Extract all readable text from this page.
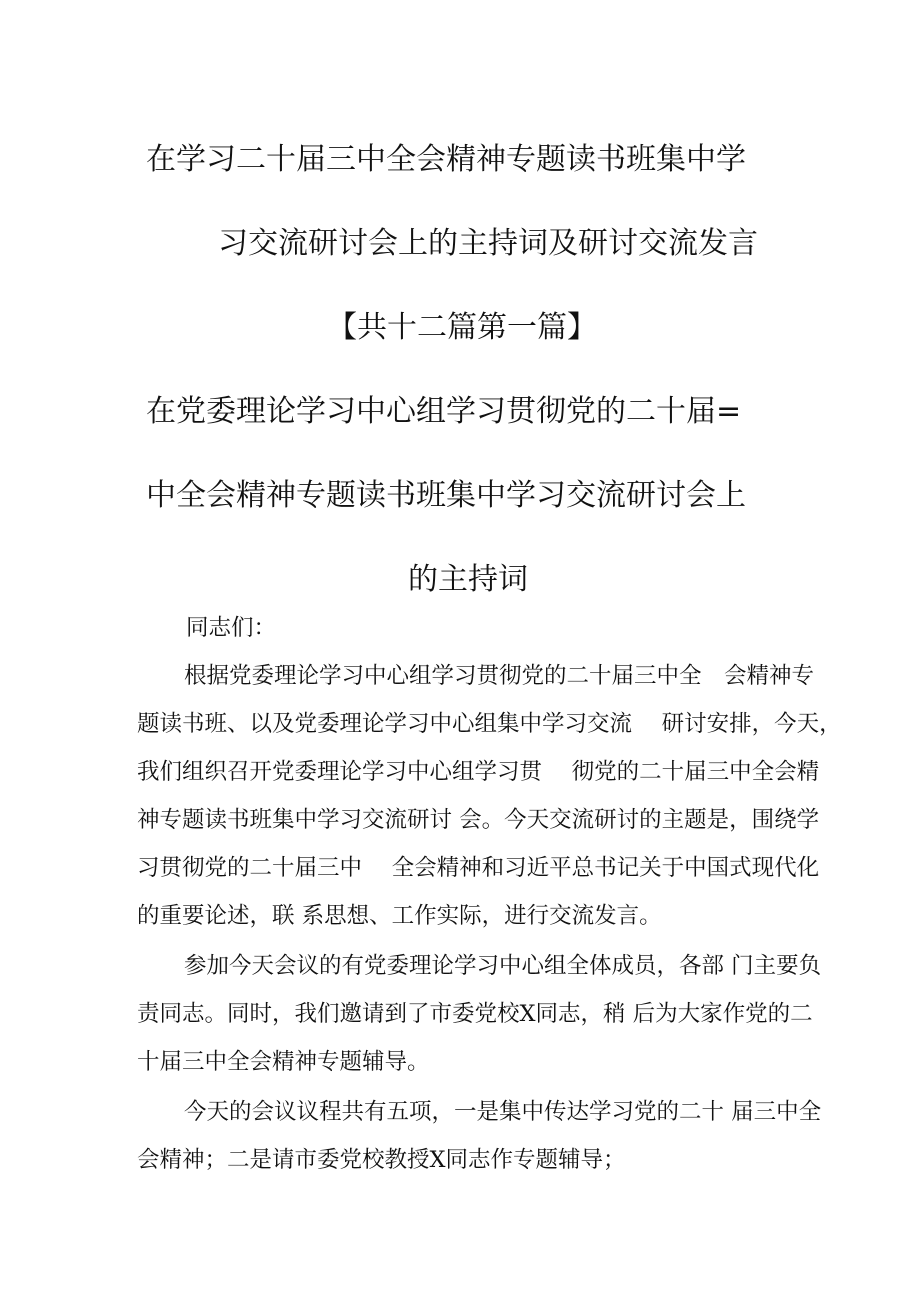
在学习二十届三中全会精神专题读书班集中学
习交流研讨会上的主持词及研讨交流发言
【共十二篇第一篇】
在党委理论学习中心组学习贯彻党的二十届=
中全会精神专题读书班集中学习交流研讨会上
的主持词
同志们：
根据党委理论学习中心组学习贯彻党的二十届三中全　会精神专
题读书班、以及党委理论学习中心组集中学习交流　 研讨安排，今天，
我们组织召开党委理论学习中心组学习贯　 彻党的二十届三中全会精
神专题读书班集中学习交流研讨 会。今天交流研讨的主题是，围绕学
习贯彻党的二十届三中　 全会精神和习近平总书记关于中国式现代化
的重要论述，联 系思想、工作实际，进行交流发言。
参加今天会议的有党委理论学习中心组全体成员，各部 门主要负
责同志。同时，我们邀请到了市委党校X同志，稍 后为大家作党的二
十届三中全会精神专题辅导。
今天的会议议程共有五项，一是集中传达学习党的二十 届三中全
会精神；二是请市委党校教授X同志作专题辅导；
